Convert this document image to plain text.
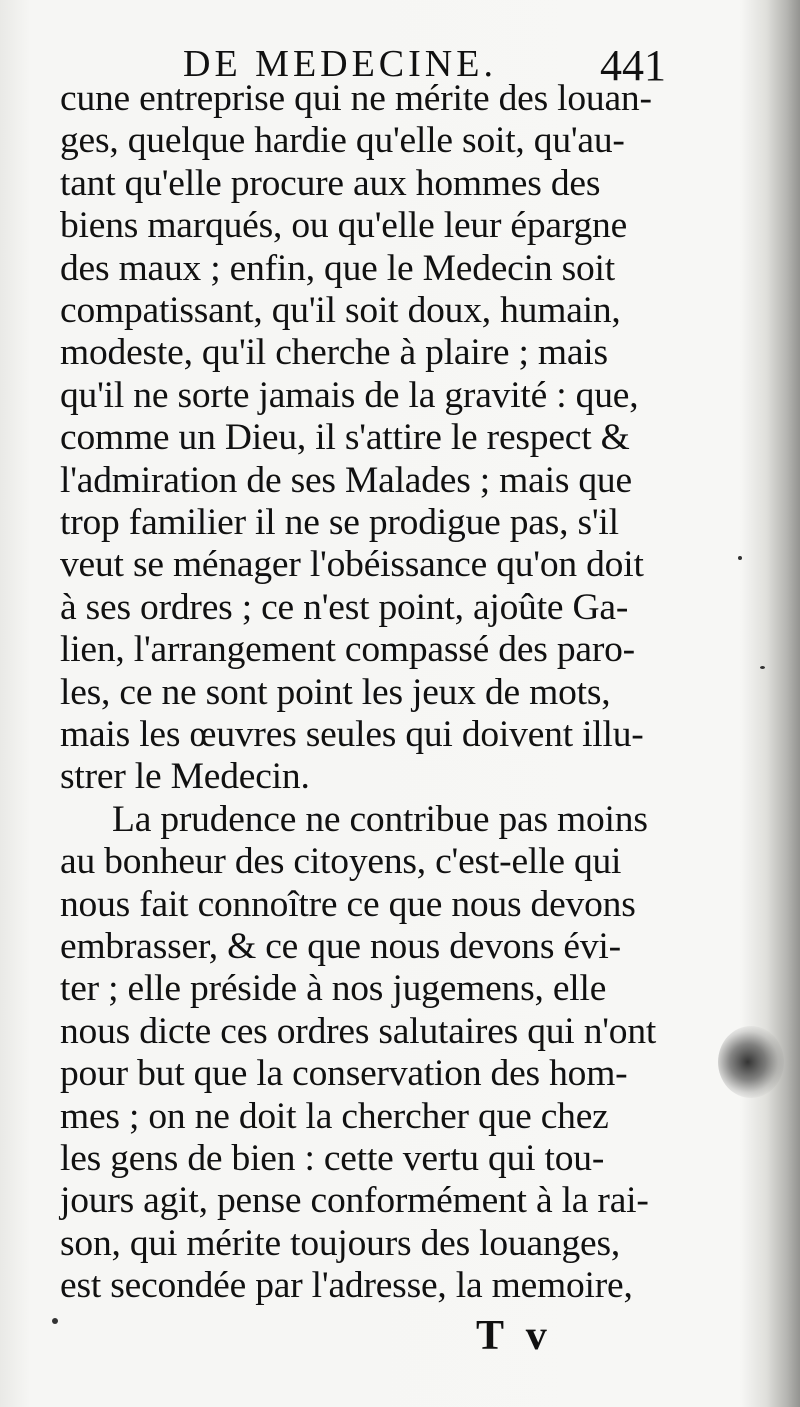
DE MEDECINE. 441
cune entreprise qui ne mérite des louan-
ges, quelque hardie qu'elle soit, qu'au-
tant qu'elle procure aux hommes des
biens marqués, ou qu'elle leur épargne
des maux ; enfin, que le Medecin soit
compatissant, qu'il soit doux, humain,
modeste, qu'il cherche à plaire ; mais
qu'il ne sorte jamais de la gravité : que,
comme un Dieu, il s'attire le respect &
l'admiration de ses Malades ; mais que
trop familier il ne se prodigue pas, s'il
veut se ménager l'obéissance qu'on doit
à ses ordres ; ce n'est point, ajoûte Ga-
lien, l'arrangement compassé des paro-
les, ce ne sont point les jeux de mots,
mais les œuvres seules qui doivent illu-
strer le Medecin.
La prudence ne contribue pas moins
au bonheur des citoyens, c'est-elle qui
nous fait connoître ce que nous devons
embrasser, & ce que nous devons évi-
ter ; elle préside à nos jugemens, elle
nous dicte ces ordres salutaires qui n'ont
pour but que la conservation des hom-
mes ; on ne doit la chercher que chez
les gens de bien : cette vertu qui tou-
jours agit, pense conformément à la rai-
son, qui mérite toujours des louanges,
est secondée par l'adresse, la memoire,
T v
